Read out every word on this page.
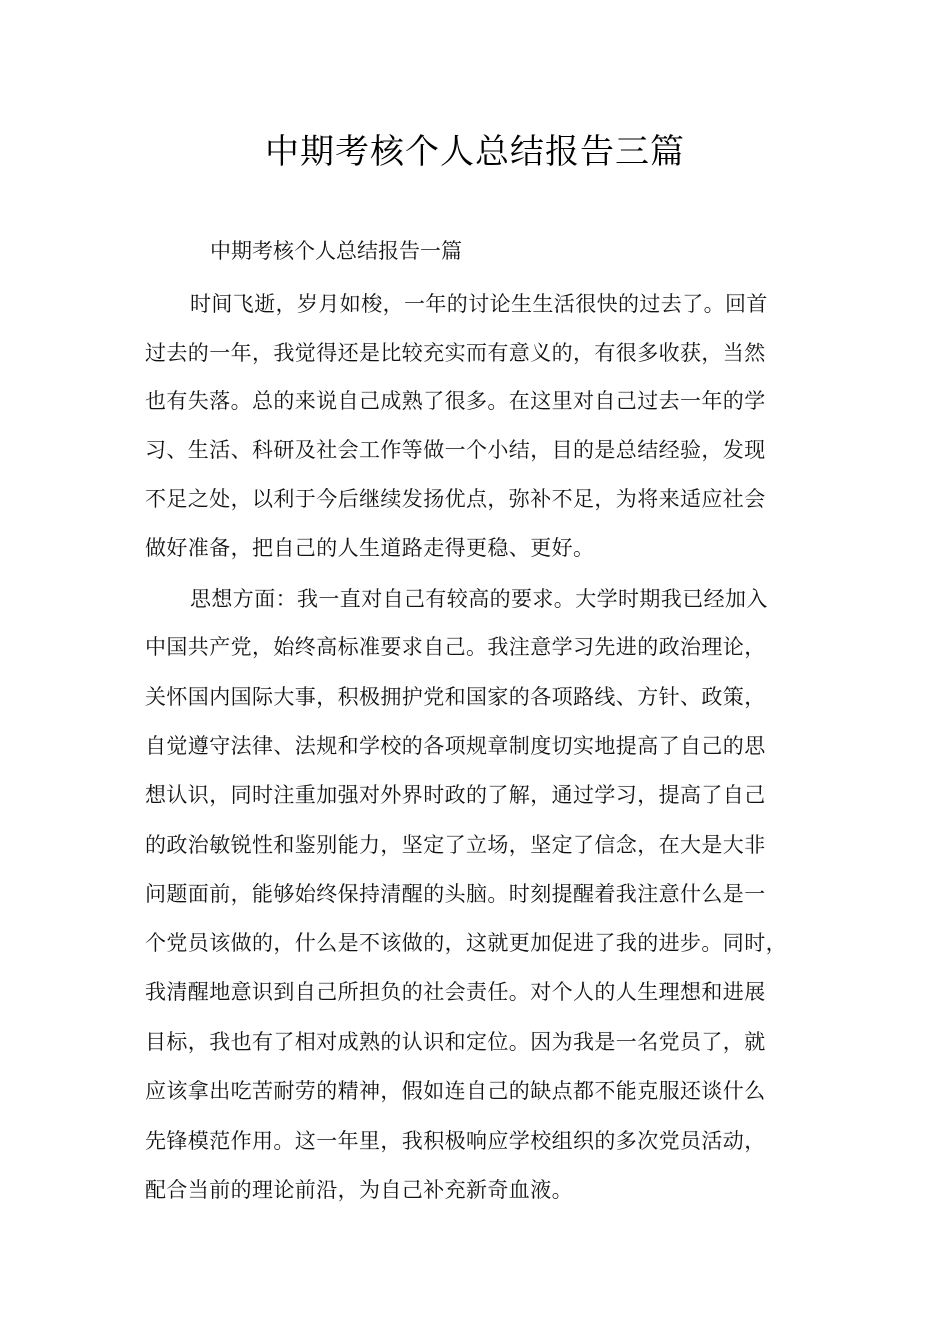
中期考核个人总结报告三篇
中期考核个人总结报告一篇
时间飞逝，岁月如梭，一年的讨论生生活很快的过去了。回首
过去的一年，我觉得还是比较充实而有意义的，有很多收获，当然
也有失落。总的来说自己成熟了很多。在这里对自己过去一年的学
习、生活、科研及社会工作等做一个小结，目的是总结经验，发现
不足之处，以利于今后继续发扬优点，弥补不足，为将来适应社会
做好准备，把自己的人生道路走得更稳、更好。
思想方面：我一直对自己有较高的要求。大学时期我已经加入
中国共产党，始终高标准要求自己。我注意学习先进的政治理论，
关怀国内国际大事，积极拥护党和国家的各项路线、方针、政策，
自觉遵守法律、法规和学校的各项规章制度切实地提高了自己的思
想认识，同时注重加强对外界时政的了解，通过学习，提高了自己
的政治敏锐性和鉴别能力，坚定了立场，坚定了信念，在大是大非
问题面前，能够始终保持清醒的头脑。时刻提醒着我注意什么是一
个党员该做的，什么是不该做的，这就更加促进了我的进步。同时，
我清醒地意识到自己所担负的社会责任。对个人的人生理想和进展
目标，我也有了相对成熟的认识和定位。因为我是一名党员了，就
应该拿出吃苦耐劳的精神，假如连自己的缺点都不能克服还谈什么
先锋模范作用。这一年里，我积极响应学校组织的多次党员活动，
配合当前的理论前沿，为自己补充新奇血液。
